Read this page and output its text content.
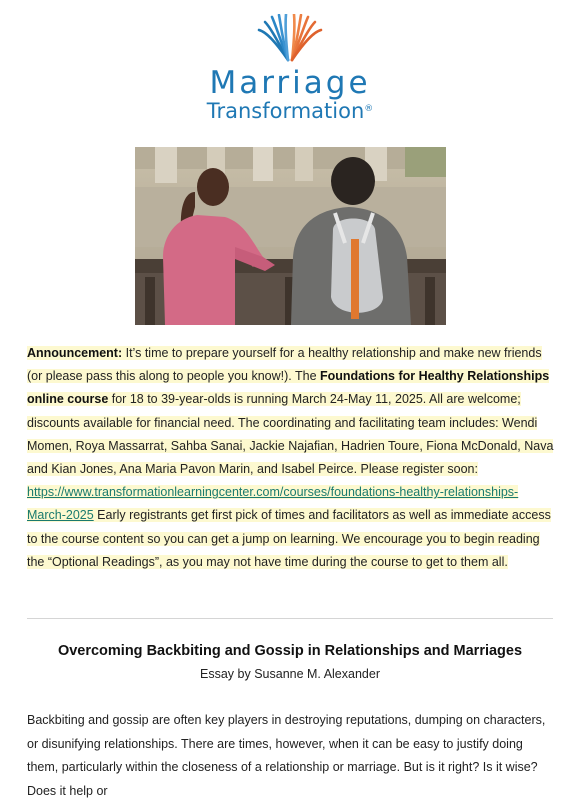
Marriage
Transformation®
Announcement: It’s time to prepare yourself for a healthy relationship and make new friends (or please pass this along to people you know!). The Foundations for Healthy Relationships online course for 18 to 39-year-olds is running March 24-May 11, 2025. All are welcome; discounts available for financial need. The coordinating and facilitating team includes: Wendi Momen, Roya Massarrat, Sahba Sanai, Jackie Najafian, Hadrien Toure, Fiona McDonald, Nava and Kian Jones, Ana Maria Pavon Marin, and Isabel Peirce. Please register soon: https://www.transformationlearningcenter.com/courses/foundations-healthy-relationships-March-2025 Early registrants get first pick of times and facilitators as well as immediate access to the course content so you can get a jump on learning. We encourage you to begin reading the “Optional Readings”, as you may not have time during the course to get to them all.
Overcoming Backbiting and Gossip in Relationships and Marriages
Essay by Susanne M. Alexander
Backbiting and gossip are often key players in destroying reputations, dumping on characters, or disunifying relationships. There are times, however, when it can be easy to justify doing them, particularly within the closeness of a relationship or marriage. But is it right? Is it wise? Does it help or
